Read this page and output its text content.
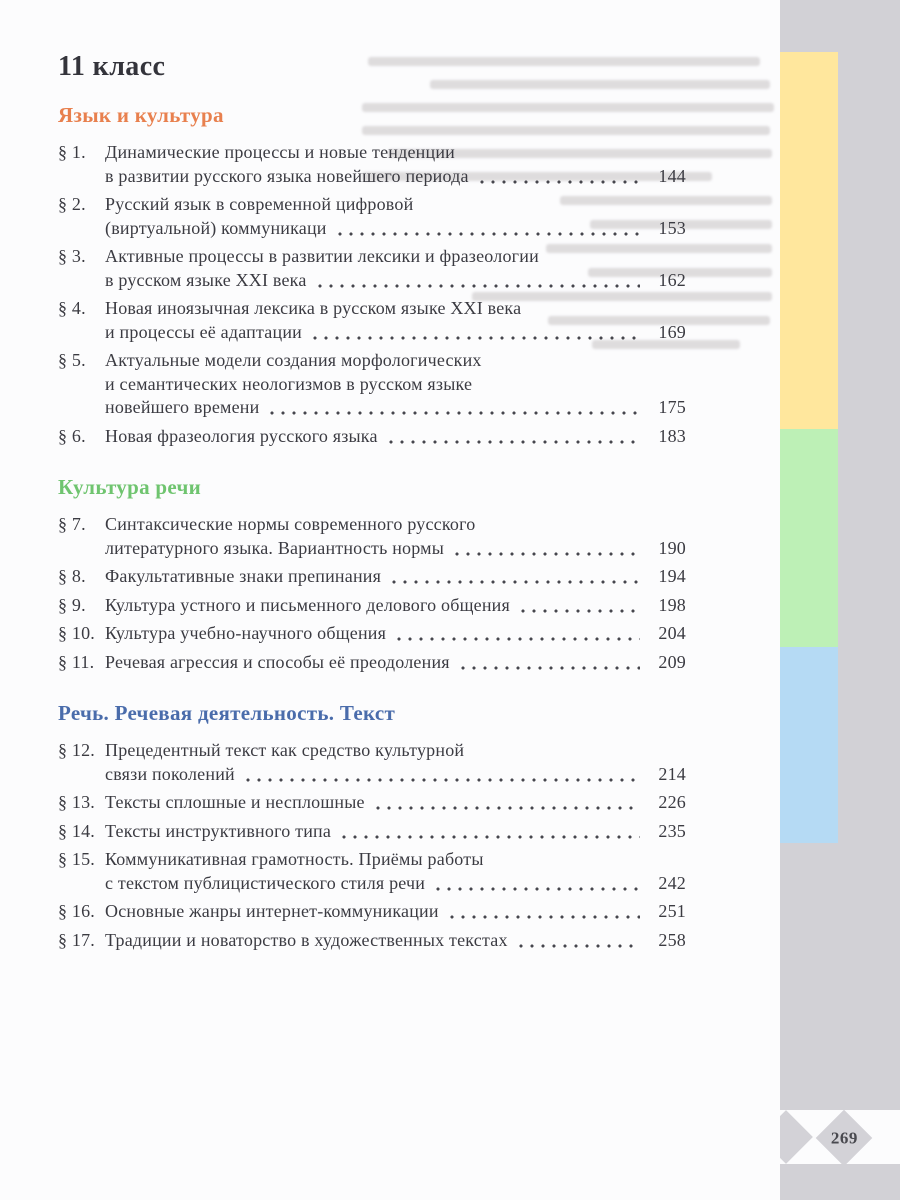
11 класс
Язык и культура
§ 1.	Динамические процессы и новые тенденции
в развитии русского языка новейшего периода	144
§ 2.	Русский язык в современной цифровой
(виртуальной) коммуникаци	153
§ 3.	Активные процессы в развитии лексики и фразеологии
в русском языке XXI века	162
§ 4.	Новая иноязычная лексика в русском языке XXI века
и процессы её адаптации	169
§ 5.	Актуальные модели создания морфологических
и семантических неологизмов в русском языке
новейшего времени	175
§ 6.	Новая фразеология русского языка	183
Культура речи
§ 7.	Синтаксические нормы современного русского
литературного языка. Вариантность нормы	190
§ 8.	Факультативные знаки препинания	194
§ 9.	Культура устного и письменного делового общения	198
§ 10. Культура учебно-научного общения	204
§ 11. Речевая агрессия и способы её преодоления	209
Речь. Речевая деятельность. Текст
§ 12. Прецедентный текст как средство культурной
связи поколений	214
§ 13. Тексты сплошные и несплошные	226
§ 14. Тексты инструктивного типа	235
§ 15. Коммуникативная грамотность. Приёмы работы
с текстом публицистического стиля речи	242
§ 16. Основные жанры интернет-коммуникации	251
§ 17. Традиции и новаторство в художественных текстах	258
269
